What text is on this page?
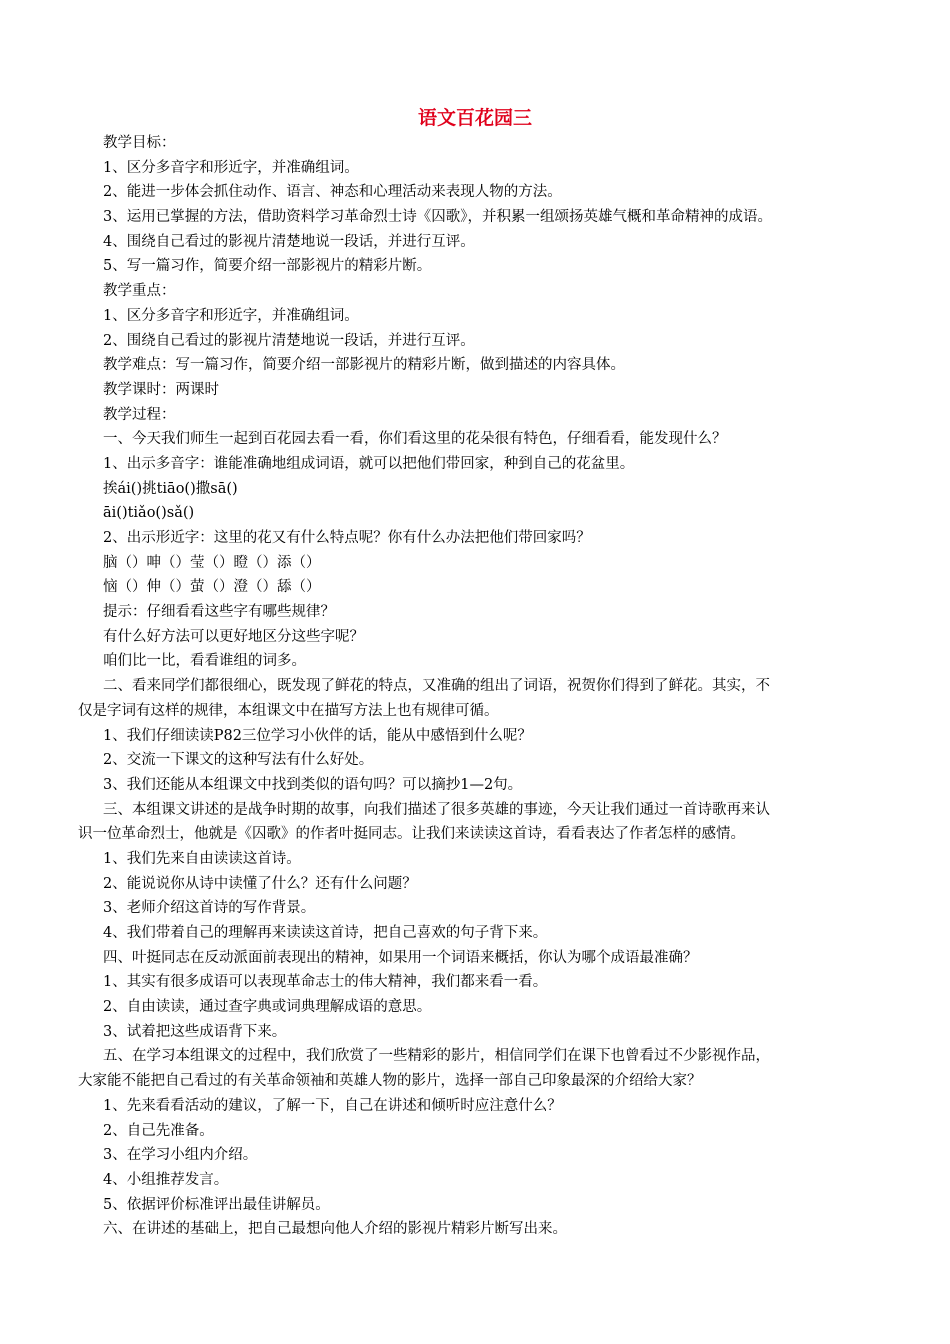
语文百花园三
教学目标：
1、区分多音字和形近字，并准确组词。
2、能进一步体会抓住动作、语言、神态和心理活动来表现人物的方法。
3、运用已掌握的方法，借助资料学习革命烈士诗《囚歌》，并积累一组颂扬英雄气概和革命精神的成语。
4、围绕自己看过的影视片清楚地说一段话，并进行互评。
5、写一篇习作，简要介绍一部影视片的精彩片断。
教学重点：
1、区分多音字和形近字，并准确组词。
2、围绕自己看过的影视片清楚地说一段话，并进行互评。
教学难点：写一篇习作，简要介绍一部影视片的精彩片断，做到描述的内容具体。
教学课时：两课时
教学过程：
一、今天我们师生一起到百花园去看一看，你们看这里的花朵很有特色，仔细看看，能发现什么？
1、出示多音字：谁能准确地组成词语，就可以把他们带回家，种到自己的花盆里。
挨ái()挑tiāo()撒sā()
āi()tiǎo()sǎ()
2、出示形近字：这里的花又有什么特点呢？你有什么办法把他们带回家吗？
脑（）呻（）莹（）瞪（）添（）
恼（）伸（）萤（）澄（）舔（）
提示：仔细看看这些字有哪些规律？
有什么好方法可以更好地区分这些字呢？
咱们比一比，看看谁组的词多。
二、看来同学们都很细心，既发现了鲜花的特点，又准确的组出了词语，祝贺你们得到了鲜花。其实，不
仅是字词有这样的规律，本组课文中在描写方法上也有规律可循。
1、我们仔细读读P82三位学习小伙伴的话，能从中感悟到什么呢？
2、交流一下课文的这种写法有什么好处。
3、我们还能从本组课文中找到类似的语句吗？可以摘抄1—2句。
三、本组课文讲述的是战争时期的故事，向我们描述了很多英雄的事迹，今天让我们通过一首诗歌再来认
识一位革命烈士，他就是《囚歌》的作者叶挺同志。让我们来读读这首诗，看看表达了作者怎样的感情。
1、我们先来自由读读这首诗。
2、能说说你从诗中读懂了什么？还有什么问题？
3、老师介绍这首诗的写作背景。
4、我们带着自己的理解再来读读这首诗，把自己喜欢的句子背下来。
四、叶挺同志在反动派面前表现出的精神，如果用一个词语来概括，你认为哪个成语最准确？
1、其实有很多成语可以表现革命志士的伟大精神，我们都来看一看。
2、自由读读，通过查字典或词典理解成语的意思。
3、试着把这些成语背下来。
五、在学习本组课文的过程中，我们欣赏了一些精彩的影片，相信同学们在课下也曾看过不少影视作品，
大家能不能把自己看过的有关革命领袖和英雄人物的影片，选择一部自己印象最深的介绍给大家？
1、先来看看活动的建议，了解一下，自己在讲述和倾听时应注意什么？
2、自己先准备。
3、在学习小组内介绍。
4、小组推荐发言。
5、依据评价标准评出最佳讲解员。
六、在讲述的基础上，把自己最想向他人介绍的影视片精彩片断写出来。
